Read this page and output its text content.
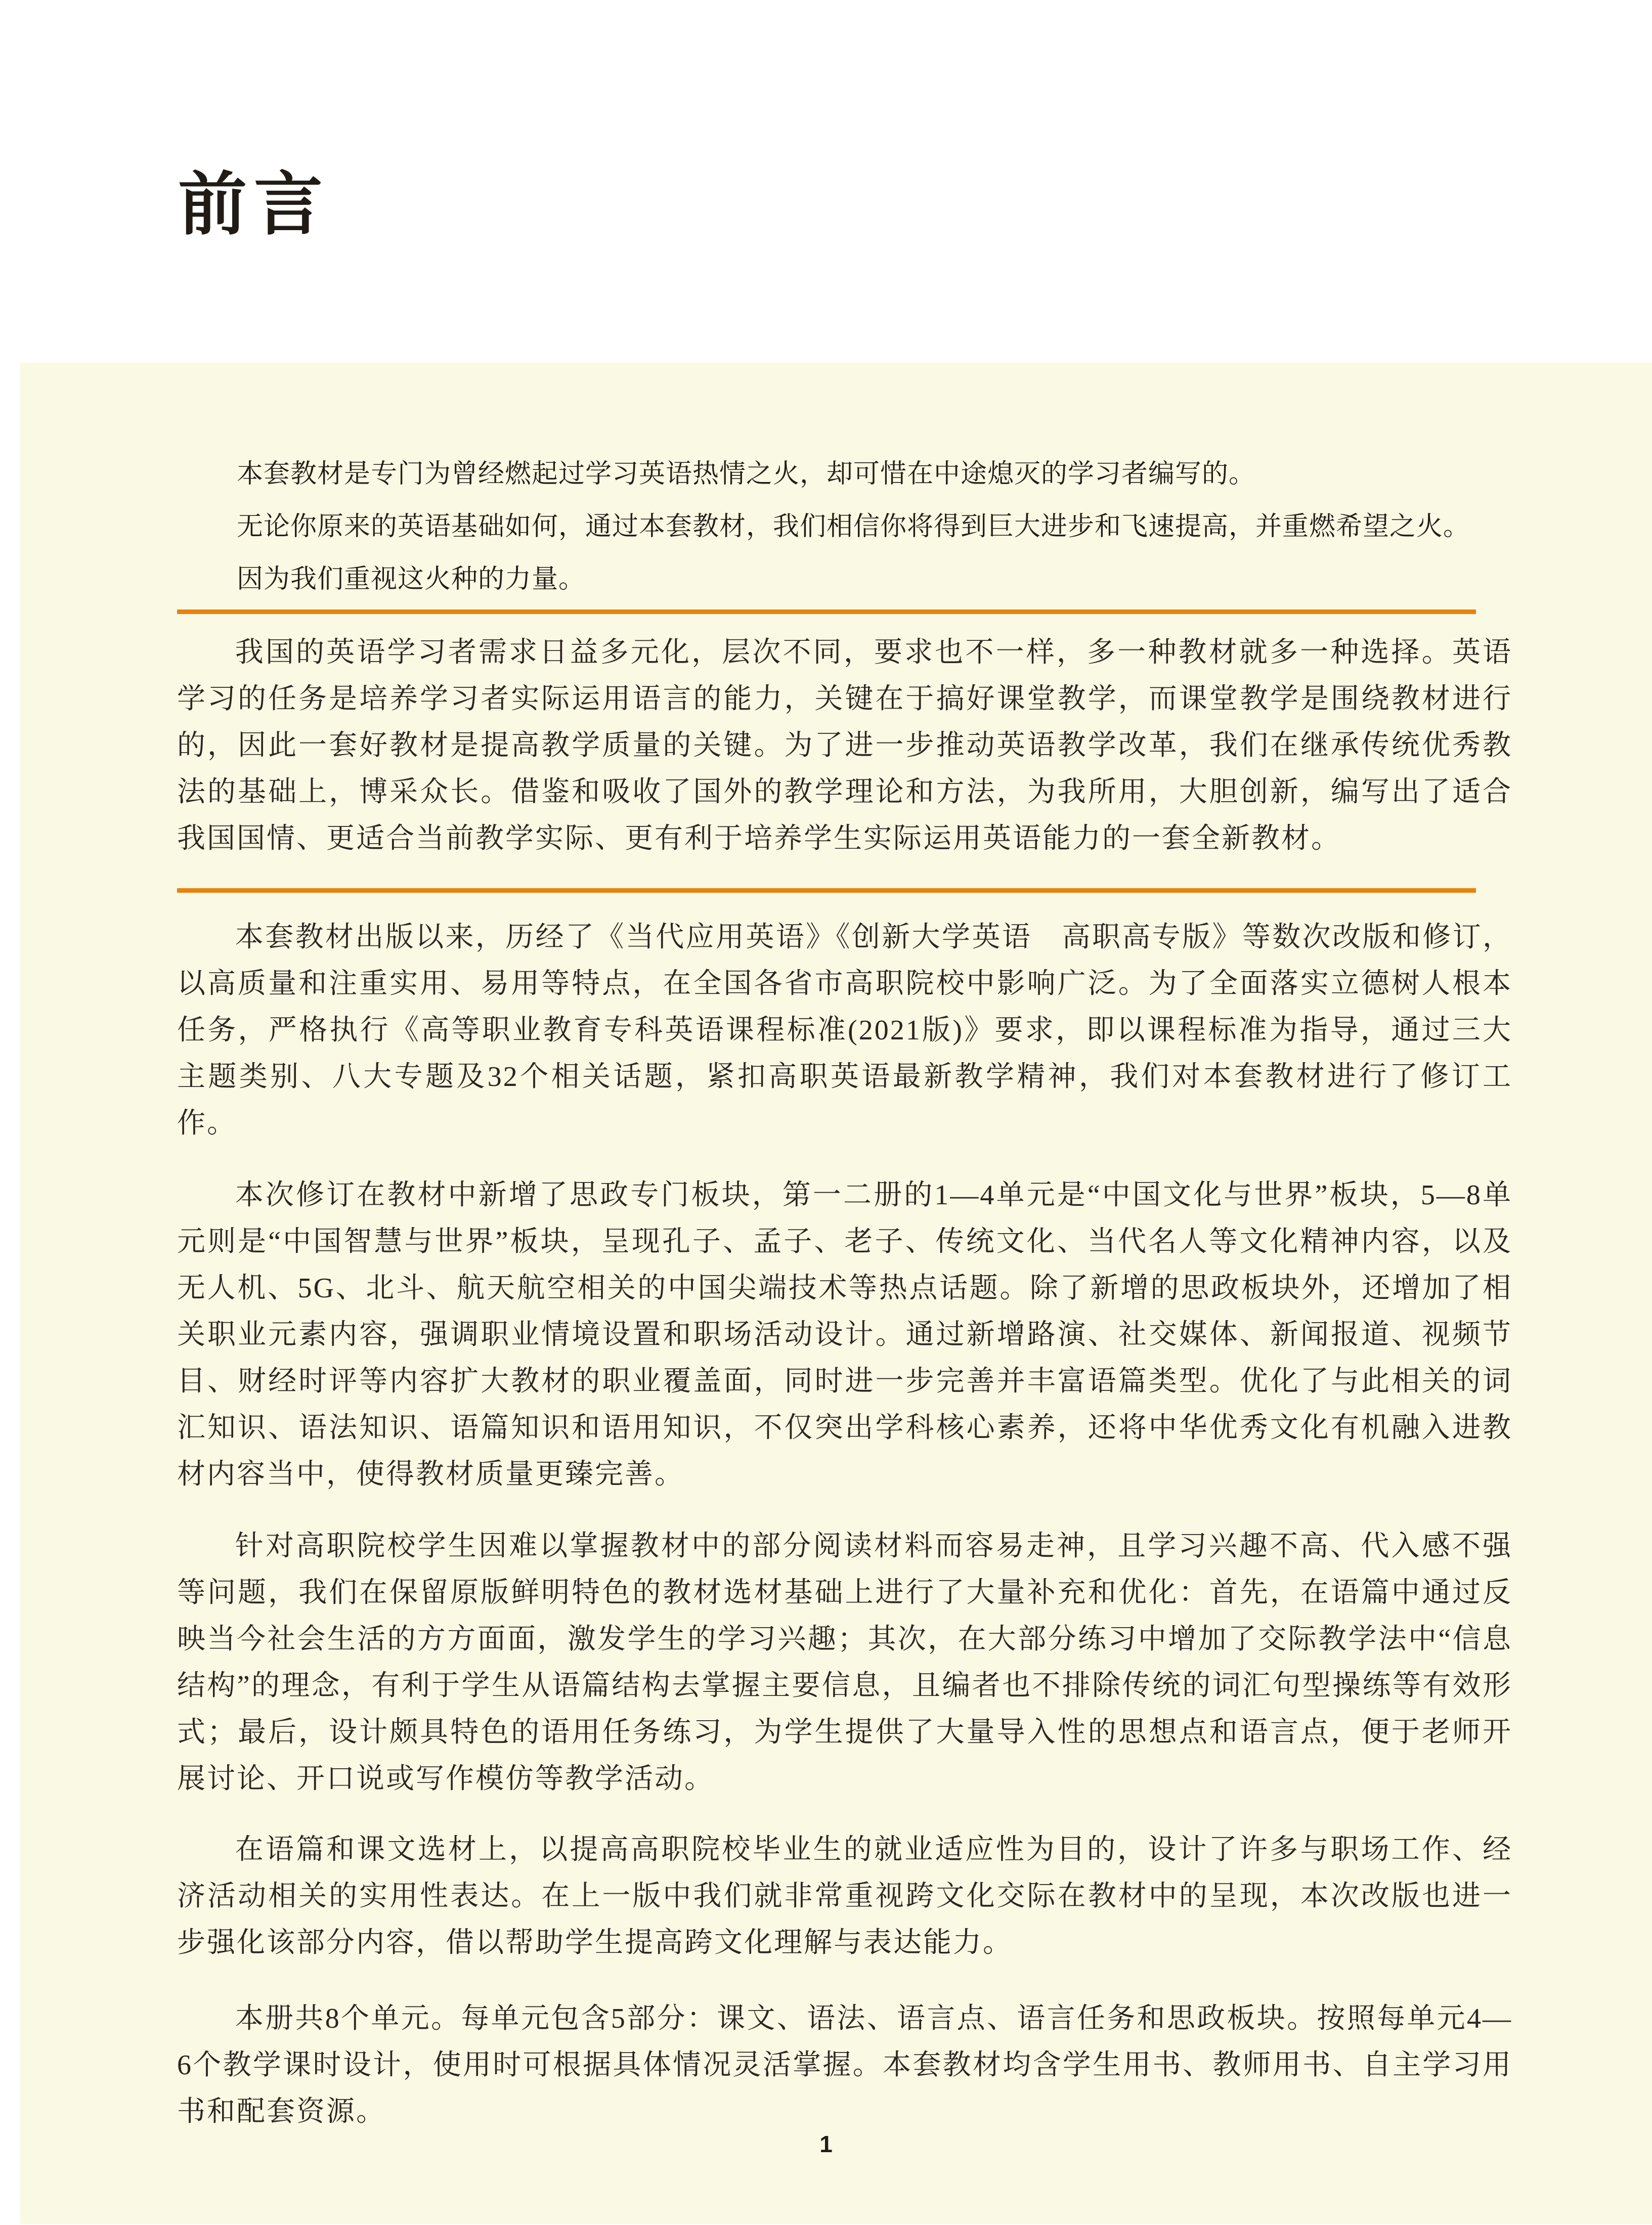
前言
本套教材是专门为曾经燃起过学习英语热情之火，却可惜在中途熄灭的学习者编写的。
无论你原来的英语基础如何，通过本套教材，我们相信你将得到巨大进步和飞速提高，并重燃希望之火。
因为我们重视这火种的力量。
我国的英语学习者需求日益多元化，层次不同，要求也不一样，多一种教材就多一种选择。英语学习的任务是培养学习者实际运用语言的能力，关键在于搞好课堂教学，而课堂教学是围绕教材进行的，因此一套好教材是提高教学质量的关键。为了进一步推动英语教学改革，我们在继承传统优秀教法的基础上，博采众长。借鉴和吸收了国外的教学理论和方法，为我所用，大胆创新，编写出了适合我国国情、更适合当前教学实际、更有利于培养学生实际运用英语能力的一套全新教材。
本套教材出版以来，历经了《当代应用英语》《创新大学英语　高职高专版》等数次改版和修订，以高质量和注重实用、易用等特点，在全国各省市高职院校中影响广泛。为了全面落实立德树人根本任务，严格执行《高等职业教育专科英语课程标准(2021版)》要求，即以课程标准为指导，通过三大主题类别、八大专题及32个相关话题，紧扣高职英语最新教学精神，我们对本套教材进行了修订工作。
本次修订在教材中新增了思政专门板块，第一二册的1—4单元是“中国文化与世界”板块，5—8单元则是“中国智慧与世界”板块，呈现孔子、孟子、老子、传统文化、当代名人等文化精神内容，以及无人机、5G、北斗、航天航空相关的中国尖端技术等热点话题。除了新增的思政板块外，还增加了相关职业元素内容，强调职业情境设置和职场活动设计。通过新增路演、社交媒体、新闻报道、视频节目、财经时评等内容扩大教材的职业覆盖面，同时进一步完善并丰富语篇类型。优化了与此相关的词汇知识、语法知识、语篇知识和语用知识，不仅突出学科核心素养，还将中华优秀文化有机融入进教材内容当中，使得教材质量更臻完善。
针对高职院校学生因难以掌握教材中的部分阅读材料而容易走神，且学习兴趣不高、代入感不强等问题，我们在保留原版鲜明特色的教材选材基础上进行了大量补充和优化：首先，在语篇中通过反映当今社会生活的方方面面，激发学生的学习兴趣；其次，在大部分练习中增加了交际教学法中“信息结构”的理念，有利于学生从语篇结构去掌握主要信息，且编者也不排除传统的词汇句型操练等有效形式；最后，设计颇具特色的语用任务练习，为学生提供了大量导入性的思想点和语言点，便于老师开展讨论、开口说或写作模仿等教学活动。
在语篇和课文选材上，以提高高职院校毕业生的就业适应性为目的，设计了许多与职场工作、经济活动相关的实用性表达。在上一版中我们就非常重视跨文化交际在教材中的呈现，本次改版也进一步强化该部分内容，借以帮助学生提高跨文化理解与表达能力。
本册共8个单元。每单元包含5部分：课文、语法、语言点、语言任务和思政板块。按照每单元4—6个教学课时设计，使用时可根据具体情况灵活掌握。本套教材均含学生用书、教师用书、自主学习用书和配套资源。
1
